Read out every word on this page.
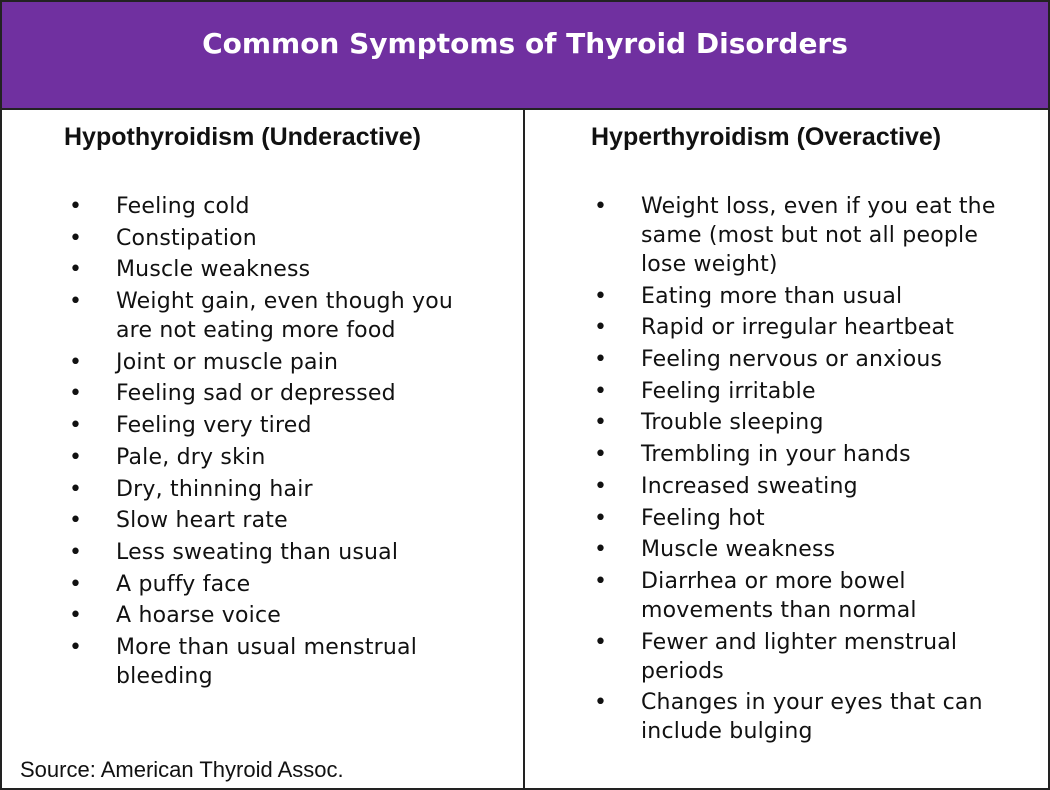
Common Symptoms of Thyroid Disorders
Hypothyroidism (Underactive)
• Feeling cold
• Constipation
• Muscle weakness
• Weight gain, even though you are not eating more food
• Joint or muscle pain
• Feeling sad or depressed
• Feeling very tired
• Pale, dry skin
• Dry, thinning hair
• Slow heart rate
• Less sweating than usual
• A puffy face
• A hoarse voice
• More than usual menstrual bleeding
Hyperthyroidism (Overactive)
• Weight loss, even if you eat the same (most but not all people lose weight)
• Eating more than usual
• Rapid or irregular heartbeat
• Feeling nervous or anxious
• Feeling irritable
• Trouble sleeping
• Trembling in your hands
• Increased sweating
• Feeling hot
• Muscle weakness
• Diarrhea or more bowel movements than normal
• Fewer and lighter menstrual periods
• Changes in your eyes that can include bulging
Source: American Thyroid Assoc.
